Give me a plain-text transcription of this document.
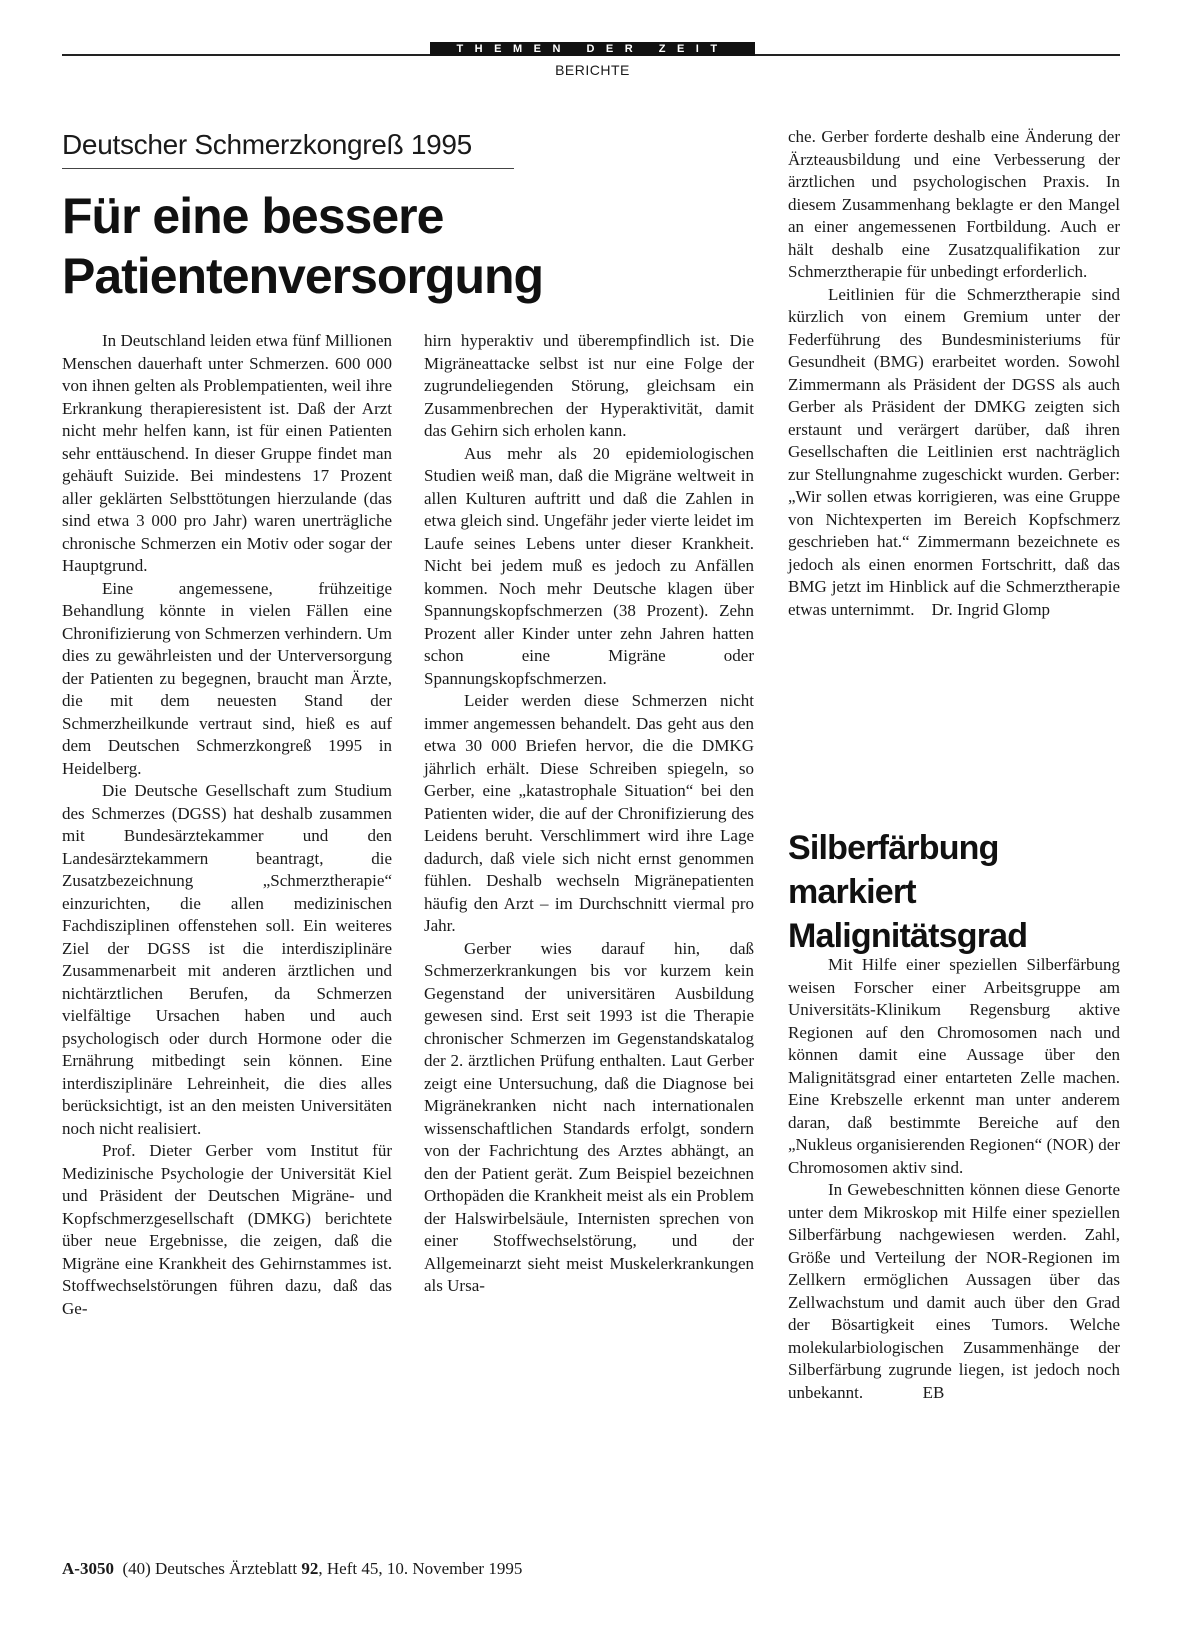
THEMEN DER ZEIT
BERICHTE
Deutscher Schmerzkongreß 1995
Für eine bessere
Patientenversorgung

In Deutschland leiden etwa fünf Millionen Menschen dauerhaft unter Schmerzen. 600 000 von ihnen gelten als Problempatienten, weil ihre Erkrankung therapieresistent ist. Daß der Arzt nicht mehr helfen kann, ist für einen Patienten sehr enttäuschend. In dieser Gruppe findet man gehäuft Suizide. Bei mindestens 17 Prozent aller geklärten Selbsttötungen hierzulande (das sind etwa 3 000 pro Jahr) waren unerträgliche chronische Schmerzen ein Motiv oder sogar der Hauptgrund.

Eine angemessene, frühzeitige Behandlung könnte in vielen Fällen eine Chronifizierung von Schmerzen verhindern. Um dies zu gewährleisten und der Unterversorgung der Patienten zu begegnen, braucht man Ärzte, die mit dem neuesten Stand der Schmerzheilkunde vertraut sind, hieß es auf dem Deutschen Schmerzkongreß 1995 in Heidelberg.

Die Deutsche Gesellschaft zum Studium des Schmerzes (DGSS) hat deshalb zusammen mit Bundesärztekammer und den Landesärztekammern beantragt, die Zusatzbezeichnung „Schmerztherapie“ einzurichten, die allen medizinischen Fachdisziplinen offenstehen soll. Ein weiteres Ziel der DGSS ist die interdisziplinäre Zusammenarbeit mit anderen ärztlichen und nichtärztlichen Berufen, da Schmerzen vielfältige Ursachen haben und auch psychologisch oder durch Hormone oder die Ernährung mitbedingt sein können. Eine interdisziplinäre Lehreinheit, die dies alles berücksichtigt, ist an den meisten Universitäten noch nicht realisiert.

Prof. Dieter Gerber vom Institut für Medizinische Psychologie der Universität Kiel und Präsident der Deutschen Migräne- und Kopfschmerzgesellschaft (DMKG) berichtete über neue Ergebnisse, die zeigen, daß die Migräne eine Krankheit des Gehirnstammes ist. Stoffwechselstörungen führen dazu, daß das Ge-

hirn hyperaktiv und überempfindlich ist. Die Migräneattacke selbst ist nur eine Folge der zugrundeliegenden Störung, gleichsam ein Zusammenbrechen der Hyperaktivität, damit das Gehirn sich erholen kann.

Aus mehr als 20 epidemiologischen Studien weiß man, daß die Migräne weltweit in allen Kulturen auftritt und daß die Zahlen in etwa gleich sind. Ungefähr jeder vierte leidet im Laufe seines Lebens unter dieser Krankheit. Nicht bei jedem muß es jedoch zu Anfällen kommen. Noch mehr Deutsche klagen über Spannungskopfschmerzen (38 Prozent). Zehn Prozent aller Kinder unter zehn Jahren hatten schon eine Migräne oder Spannungskopfschmerzen.

Leider werden diese Schmerzen nicht immer angemessen behandelt. Das geht aus den etwa 30 000 Briefen hervor, die die DMKG jährlich erhält. Diese Schreiben spiegeln, so Gerber, eine „katastrophale Situation“ bei den Patienten wider, die auf der Chronifizierung des Leidens beruht. Verschlimmert wird ihre Lage dadurch, daß viele sich nicht ernst genommen fühlen. Deshalb wechseln Migränepatienten häufig den Arzt – im Durchschnitt viermal pro Jahr.

Gerber wies darauf hin, daß Schmerzerkrankungen bis vor kurzem kein Gegenstand der universitären Ausbildung gewesen sind. Erst seit 1993 ist die Therapie chronischer Schmerzen im Gegenstandskatalog der 2. ärztlichen Prüfung enthalten. Laut Gerber zeigt eine Untersuchung, daß die Diagnose bei Migränekranken nicht nach internationalen wissenschaftlichen Standards erfolgt, sondern von der Fachrichtung des Arztes abhängt, an den der Patient gerät. Zum Beispiel bezeichnen Orthopäden die Krankheit meist als ein Problem der Halswirbelsäule, Internisten sprechen von einer Stoffwechselstörung, und der Allgemeinarzt sieht meist Muskelerkrankungen als Ursa-

che. Gerber forderte deshalb eine Änderung der Ärzteausbildung und eine Verbesserung der ärztlichen und psychologischen Praxis. In diesem Zusammenhang beklagte er den Mangel an einer angemessenen Fortbildung. Auch er hält deshalb eine Zusatzqualifikation zur Schmerztherapie für unbedingt erforderlich.

Leitlinien für die Schmerztherapie sind kürzlich von einem Gremium unter der Federführung des Bundesministeriums für Gesundheit (BMG) erarbeitet worden. Sowohl Zimmermann als Präsident der DGSS als auch Gerber als Präsident der DMKG zeigten sich erstaunt und verärgert darüber, daß ihren Gesellschaften die Leitlinien erst nachträglich zur Stellungnahme zugeschickt wurden. Gerber: „Wir sollen etwas korrigieren, was eine Gruppe von Nichtexperten im Bereich Kopfschmerz geschrieben hat.“ Zimmermann bezeichnete es jedoch als einen enormen Fortschritt, daß das BMG jetzt im Hinblick auf die Schmerztherapie etwas unternimmt. Dr. Ingrid Glomp

Silberfärbung
markiert
Malignitätsgrad

Mit Hilfe einer speziellen Silberfärbung weisen Forscher einer Arbeitsgruppe am Universitäts-Klinikum Regensburg aktive Regionen auf den Chromosomen nach und können damit eine Aussage über den Malignitätsgrad einer entarteten Zelle machen. Eine Krebszelle erkennt man unter anderem daran, daß bestimmte Bereiche auf den „Nukleus organisierenden Regionen“ (NOR) der Chromosomen aktiv sind.

In Gewebeschnitten können diese Genorte unter dem Mikroskop mit Hilfe einer speziellen Silberfärbung nachgewiesen werden. Zahl, Größe und Verteilung der NOR-Regionen im Zellkern ermöglichen Aussagen über das Zellwachstum und damit auch über den Grad der Bösartigkeit eines Tumors. Welche molekularbiologischen Zusammenhänge der Silberfärbung zugrunde liegen, ist jedoch noch unbekannt.	EB

A-3050 (40) Deutsches Ärzteblatt 92, Heft 45, 10. November 1995
